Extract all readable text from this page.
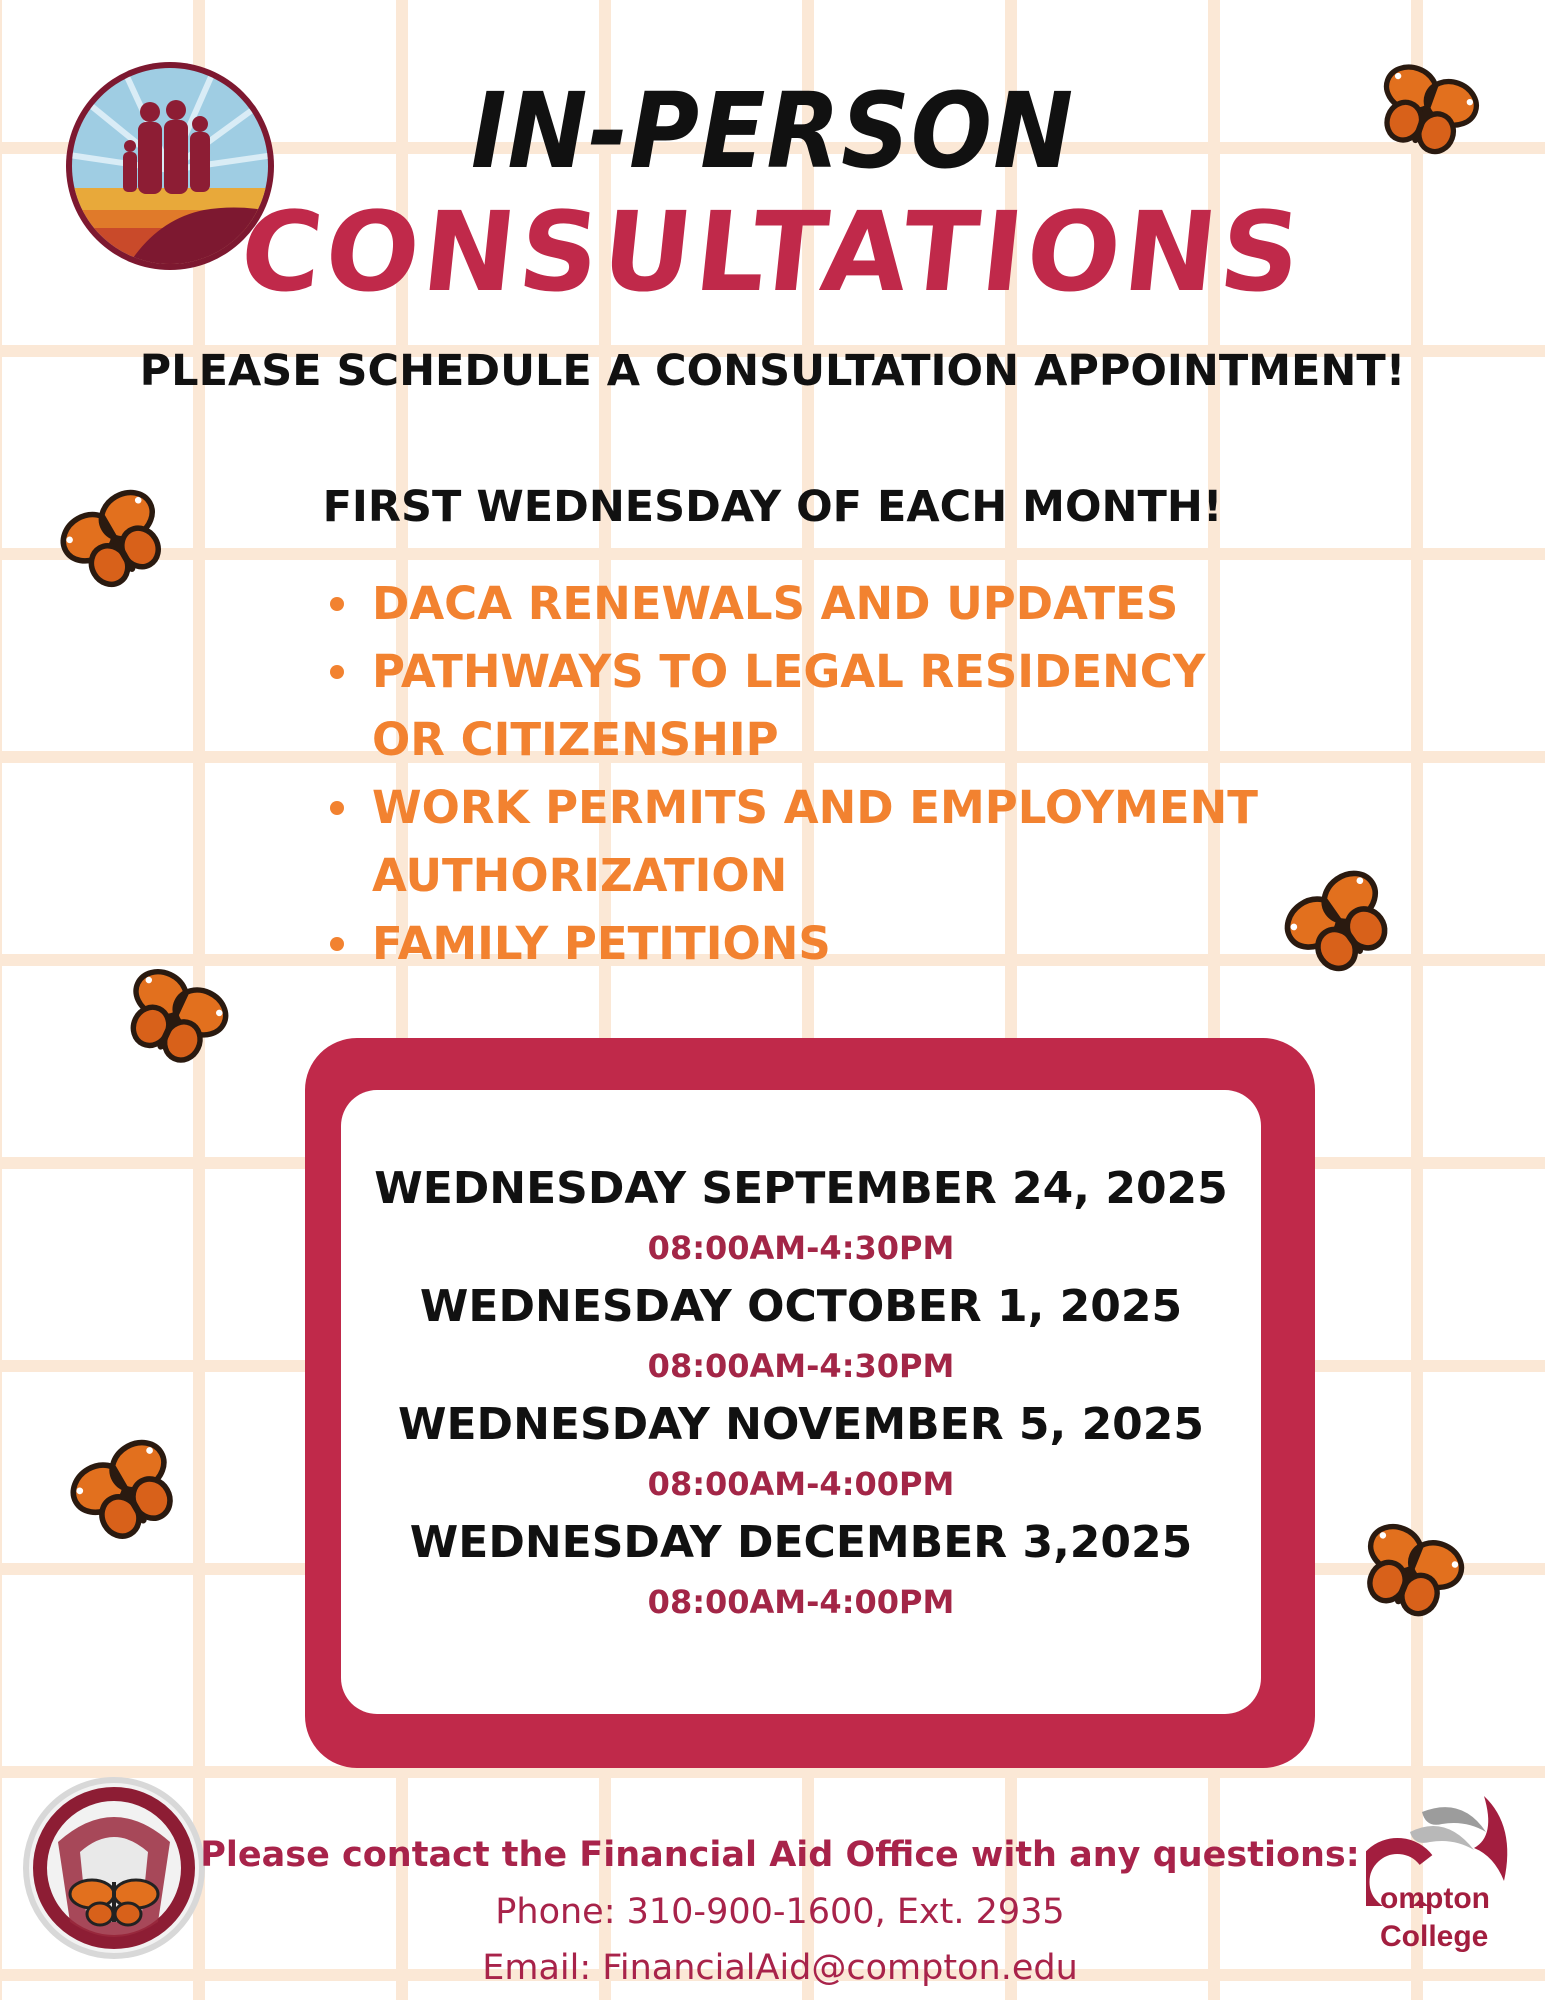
IN-PERSON
CONSULTATIONS
PLEASE SCHEDULE A CONSULTATION APPOINTMENT!
FIRST WEDNESDAY OF EACH MONTH!
DACA RENEWALS AND UPDATES
PATHWAYS TO LEGAL RESIDENCY
OR CITIZENSHIP
WORK PERMITS AND EMPLOYMENT
AUTHORIZATION
FAMILY PETITIONS
WEDNESDAY SEPTEMBER 24, 2025
08:00AM-4:30PM
WEDNESDAY OCTOBER 1, 2025
08:00AM-4:30PM
WEDNESDAY NOVEMBER 5, 2025
08:00AM-4:00PM
WEDNESDAY DECEMBER 3,2025
08:00AM-4:00PM
Please contact the Financial Aid Office with any questions:
Phone: 310-900-1600, Ext. 2935
Email: FinancialAid@compton.edu
ompton
College
